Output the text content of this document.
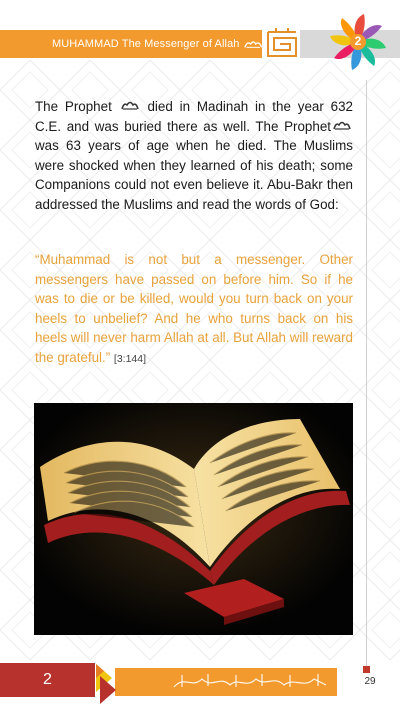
MUHAMMAD The Messenger of Allah	2

The Prophet	died in Madinah in the year 632 C.E. and was buried there as well. The Prophet was 63 years of age when he died. The Muslims were shocked when they learned of his death; some Companions could not even believe it. Abu-Bakr then addressed the Muslims and read the words of God:

“Muhammad is not but a messenger. Other messengers have passed on before him. So if he was to die or be killed, would you turn back on your heels to unbelief? And he who turns back on his heels will never harm Allah at all. But Allah will reward the grateful.” [3:144]
2	29
